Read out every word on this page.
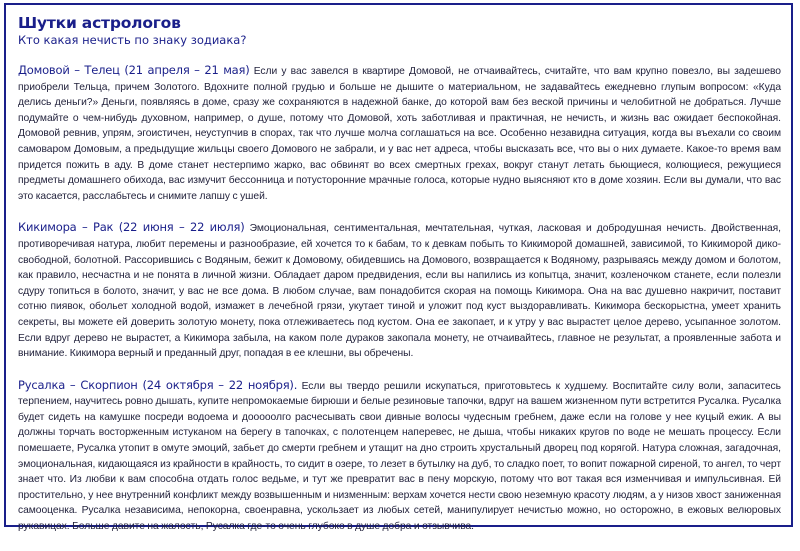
Шутки астрологов
Кто какая нечисть по знаку зодиака?

Домовой – Телец (21 апреля – 21 мая) Если у вас завелся в квартире Домовой, не отчаивайтесь, считайте, что вам крупно повезло, вы задешево приобрели Тельца, причем Золотого. Вдохните полной грудью и больше не дышите о материальном, не задавайтесь ежедневно глупым вопросом: «Куда делись деньги?» Деньги, появляясь в доме, сразу же сохраняются в надежной банке, до которой вам без веской причины и челобитной не добраться. Лучше подумайте о чем-нибудь духовном, например, о душе, потому что Домовой, хоть заботливая и практичная, не нечисть, и жизнь вас ожидает беспокойная. Домовой ревнив, упрям, эгоистичен, неуступчив в спорах, так что лучше молча соглашаться на все. Особенно незавидна ситуация, когда вы въехали со своим самоваром Домовым, а предыдущие жильцы своего Домового не забрали, и у вас нет адреса, чтобы высказать все, что вы о них думаете. Какое-то время вам придется пожить в аду. В доме станет нестерпимо жарко, вас обвинят во всех смертных грехах, вокруг станут летать бьющиеся, колющиеся, режущиеся предметы домашнего обихода, вас измучит бессонница и потусторонние мрачные голоса, которые нудно выясняют кто в доме хозяин. Если вы думали, что вас это касается, расслабьтесь и снимите лапшу с ушей.

Кикимора – Рак (22 июня – 22 июля) Эмоциональная, сентиментальная, мечтательная, чуткая, ласковая и добродушная нечисть. Двойственная, противоречивая натура, любит перемены и разнообразие, ей хочется то к бабам, то к девкам побыть то Кикиморой домашней, зависимой, то Кикиморой дико-свободной, болотной. Рассорившись с Водяным, бежит к Домовому, обидевшись на Домового, возвращается к Водяному, разрываясь между домом и болотом, как правило, несчастна и не понята в личной жизни. Обладает даром предвидения, если вы напились из копытца, значит, козленочком станете, если полезли сдуру топиться в болото, значит, у вас не все дома. В любом случае, вам понадобится скорая на помощь Кикимора. Она на вас душевно накричит, поставит сотню пиявок, обольет холодной водой, измажет в лечебной грязи, укутает тиной и уложит под куст выздоравливать. Кикимора бескорыстна, умеет хранить секреты, вы можете ей доверить золотую монету, пока отлеживаетесь под кустом. Она ее закопает, и к утру у вас вырастет целое дерево, усыпанное золотом. Если вдруг дерево не вырастет, а Кикимора забыла, на каком поле дураков закопала монету, не отчаивайтесь, главное не результат, а проявленные забота и внимание. Кикимора верный и преданный друг, попадая в ее клешни, вы обречены.

Русалка – Скорпион (24 октября – 22 ноября). Если вы твердо решили искупаться, приготовьтесь к худшему. Воспитайте силу воли, запаситесь терпением, научитесь ровно дышать, купите непромокаемые бирюши и белые резиновые тапочки, вдруг на вашем жизненном пути встретится Русалка. Русалка будет сидеть на камушке посреди водоема и дооооолго расчесывать свои дивные волосы чудесным гребнем, даже если на голове у нее куцый ежик. А вы должны торчать восторженным истуканом на берегу в тапочках, с полотенцем наперевес, не дыша, чтобы никаких кругов по воде не мешать процессу. Если помешаете, Русалка утопит в омуте эмоций, забьет до смерти гребнем и утащит на дно строить хрустальный дворец под корягой. Натура сложная, загадочная, эмоциональная, кидающаяся из крайности в крайность, то сидит в озере, то лезет в бутылку на дуб, то сладко поет, то вопит пожарной сиреной, то ангел, то черт знает что. Из любви к вам способна отдать голос ведьме, и тут же превратит вас в пену морскую, потому что вот такая вся изменчивая и импульсивная. Ей простительно, у нее внутренний конфликт между возвышенным и низменным: верхам хочется нести свою неземную красоту людям, а у низов хвост заниженная самооценка. Русалка независима, непокорна, своенравна, ускользает из любых сетей, манипулирует нечистью можно, но осторожно, в ежовых велюровых рукавицах. Больше давите на жалость, Русалка где-то очень глубоко в душе добра и отзывчива.
